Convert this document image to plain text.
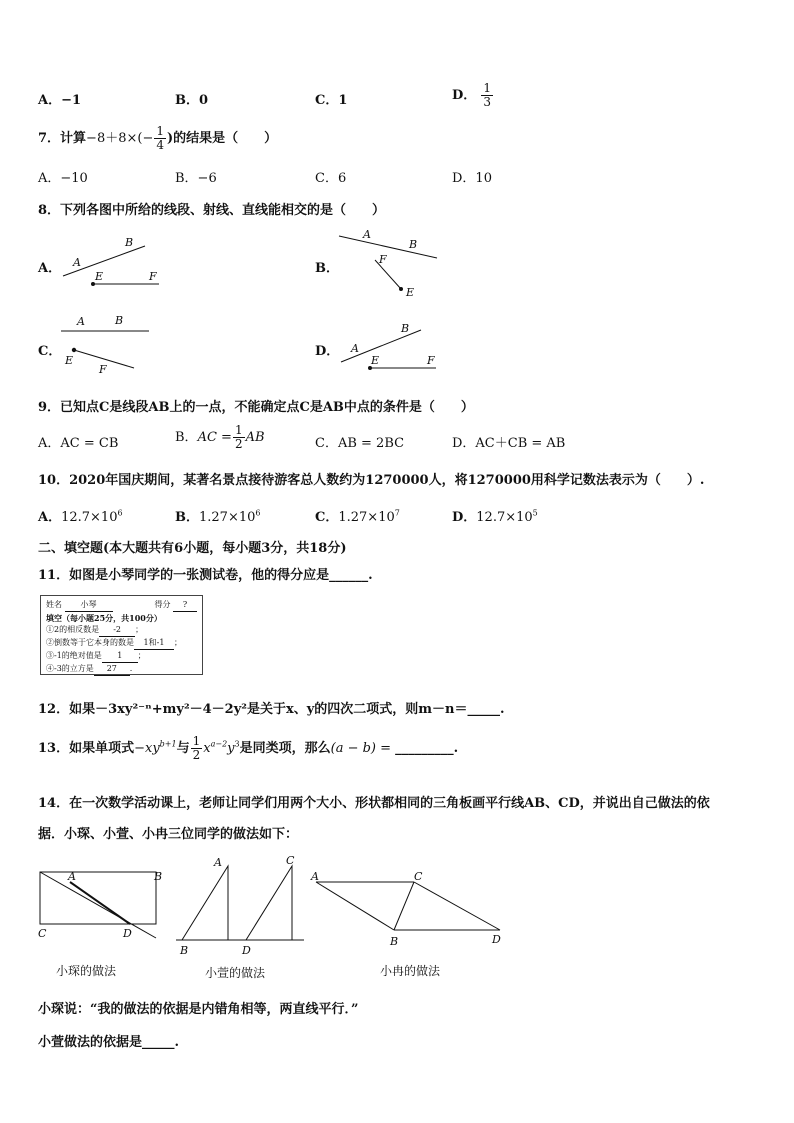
A．−1	B．0	C．1	D． $\frac{1}{3}$
7．计算$-8+8\times(- \frac{1}{4}$ )的结果是（　　）
A．−10	B．−6	C．6	D．10
8．下列各图中所给的线段、射线、直线能相交的是（　　）
A．	B．
C．	D．
A
B
E	F
A
B
F
E
A	B
E
F
A
B
E	F
9．已知点C是线段AB上的一点，不能确定点C是AB中点的条件是（　　）
A．AC = CB	B．AC = $\frac{1}{2}$ AB	C．AB = 2BC	D．AC＋CB = AB
10．2020年国庆期间，某著名景点接待游客总人数约为1270000人，将1270000用科学记数法表示为（　　）.
A．$12.7\times 10^6$	B．$1.27\times 10^6$	C．$1.27\times 10^7$	D．$12.7\times 10^5$
二、填空题(本大题共有6小题，每小题3分，共18分)
11．如图是小琴同学的一张测试卷，他的得分应是______.
姓名 小琴	得分 ?
填空（每小题25分，共100分）
①2的相反数是 -2 ；
②倒数等于它本身的数是 1和-1 ；
③-1的绝对值是 1 ；
④-3的立方是 27 .
12．如果－3xy²⁻ⁿ+my²－4－2y²是关于x、y的四次二项式，则m－n＝_____.
13．如果单项式$-xy^{b+1}$与 $\frac{1}{2} x^{a-2}y^3$是同类项，那么(a − b) = _________.
14．在一次数学活动课上，老师让同学们用两个大小、形状都相同的三角板画平行线AB、CD，并说出自己做法的依
据．小琛、小萱、小冉三位同学的做法如下：
A	B
C	D
小琛的做法
A	C
B	D
小萱的做法
A	C
B	D
小冉的做法
小琛说：“我的做法的依据是内错角相等，两直线平行．”
小萱做法的依据是_____.
